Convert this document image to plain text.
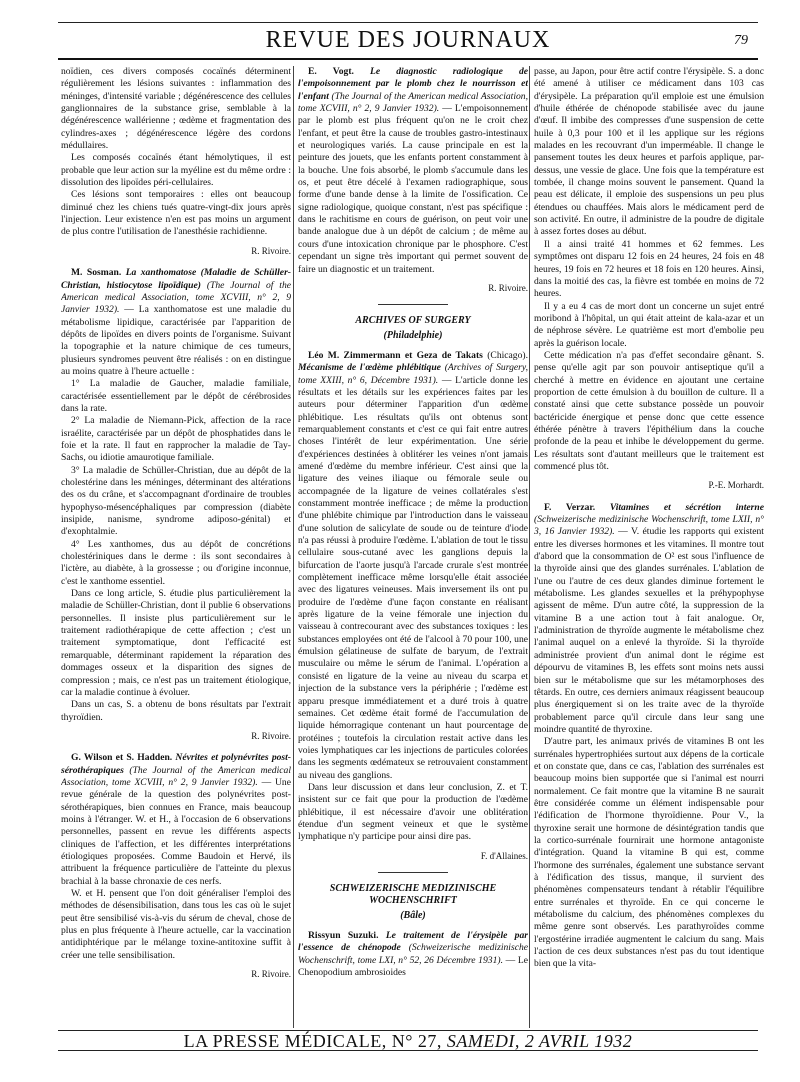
REVUE DES JOURNAUX	79

noïdien, ces divers composés cocaïnés déterminent régulièrement les lésions suivantes : inflammation des méninges, d'intensité variable ; dégénérescence des cellules ganglionnaires de la substance grise, semblable à la dégénérescence wallérienne ; œdème et fragmentation des cylindres-axes ; dégénérescence légère des cordons médullaires.

Les composés cocaïnés étant hémolytiques, il est probable que leur action sur la myéline est du même ordre : dissolution des lipoïdes péri-cellulaires.

Ces lésions sont temporaires : elles ont beaucoup diminué chez les chiens tués quatre-vingt-dix jours après l'injection. Leur existence n'en est pas moins un argument de plus contre l'utilisation de l'anesthésie rachidienne.

R. Rivoire.

M. Sosman. La xanthomatose (Maladie de Schüller-Christian, histiocytose lipoïdique) (The Journal of the American medical Association, tome XCVIII, n° 2, 9 Janvier 1932). — La xanthomatose est une maladie du métabolisme lipidique, caractérisée par l'apparition de dépôts de lipoïdes en divers points de l'organisme. Suivant la topographie et la nature chimique de ces tumeurs, plusieurs syndromes peuvent être réalisés : on en distingue au moins quatre à l'heure actuelle :

1° La maladie de Gaucher, maladie familiale, caractérisée essentiellement par le dépôt de cérébrosides dans la rate.

2° La maladie de Niemann-Pick, affection de la race israélite, caractérisée par un dépôt de phosphatides dans le foie et la rate. Il faut en rapprocher la maladie de Tay-Sachs, ou idiotie amaurotique familiale.

3° La maladie de Schüller-Christian, due au dépôt de la cholestérine dans les méninges, déterminant des altérations des os du crâne, et s'accompagnant d'ordinaire de troubles hypophyso-mésencéphaliques par compression (diabète insipide, nanisme, syndrome adiposo-génital) et d'exophtalmie.

4° Les xanthomes, dus au dépôt de concrétions cholestériniques dans le derme : ils sont secondaires à l'ictère, au diabète, à la grossesse ; ou d'origine inconnue, c'est le xanthome essentiel.

Dans ce long article, S. étudie plus particulièrement la maladie de Schüller-Christian, dont il publie 6 observations personnelles. Il insiste plus particulièrement sur le traitement radiothérapique de cette affection ; c'est un traitement symptomatique, dont l'efficacité est remarquable, déterminant rapidement la réparation des dommages osseux et la disparition des signes de compression ; mais, ce n'est pas un traitement étiologique, car la maladie continue à évoluer.

Dans un cas, S. a obtenu de bons résultats par l'extrait thyroïdien.

R. Rivoire.

G. Wilson et S. Hadden. Névrites et polynévrites post-sérothérapiques (The Journal of the American medical Association, tome XCVIII, n° 2, 9 Janvier 1932). — Une revue générale de la question des polynévrites post-sérothérapiques, bien connues en France, mais beaucoup moins à l'étranger. W. et H., à l'occasion de 6 observations personnelles, passent en revue les différents aspects cliniques de l'affection, et les différentes interprétations étiologiques proposées. Comme Baudoin et Hervé, ils attribuent la fréquence particulière de l'atteinte du plexus brachial à la basse chronaxie de ces nerfs.

W. et H. pensent que l'on doit généraliser l'emploi des méthodes de désensibilisation, dans tous les cas où le sujet peut être sensibilisé vis-à-vis du sérum de cheval, chose de plus en plus fréquente à l'heure actuelle, car la vaccination antidiphtérique par le mélange toxine-antitoxine suffit à créer une telle sensibilisation.

R. Rivoire.

E. Vogt. Le diagnostic radiologique de l'empoisonnement par le plomb chez le nourrisson et l'enfant (The Journal of the American medical Association, tome XCVIII, n° 2, 9 Janvier 1932). — L'empoisonnement par le plomb est plus fréquent qu'on ne le croit chez l'enfant, et peut être la cause de troubles gastro-intestinaux et neurologiques variés. La cause principale en est la peinture des jouets, que les enfants portent constamment à la bouche. Une fois absorbé, le plomb s'accumule dans les os, et peut être décelé à l'examen radiographique, sous forme d'une bande dense à la limite de l'ossification. Ce signe radiologique, quoique constant, n'est pas spécifique : dans le rachitisme en cours de guérison, on peut voir une bande analogue due à un dépôt de calcium ; de même au cours d'une intoxication chronique par le phosphore. C'est cependant un signe très important qui permet souvent de faire un diagnostic et un traitement.

R. Rivoire.
ARCHIVES OF SURGERY
(Philadelphie)

Léo M. Zimmermann et Geza de Takats (Chicago). Mécanisme de l'œdème phlébitique (Archives of Surgery, tome XXIII, n° 6, Décembre 1931). — L'article donne les résultats et les détails sur les expériences faites par les auteurs pour déterminer l'apparition d'un œdème phlébitique. Les résultats qu'ils ont obtenus sont remarquablement constants et c'est ce qui fait entre autres choses l'intérêt de leur expérimentation. Une série d'expériences destinées à oblitérer les veines n'ont jamais amené d'œdème du membre inférieur. C'est ainsi que la ligature des veines iliaque ou fémorale seule ou accompagnée de la ligature de veines collatérales s'est constamment montrée inefficace ; de même la production d'une phlébite chimique par l'introduction dans le vaisseau d'une solution de salicylate de soude ou de teinture d'iode n'a pas réussi à produire l'œdème. L'ablation de tout le tissu cellulaire sous-cutané avec les ganglions depuis la bifurcation de l'aorte jusqu'à l'arcade crurale s'est montrée complètement inefficace même lorsqu'elle était associée avec des ligatures veineuses. Mais inversement ils ont pu produire de l'œdème d'une façon constante en réalisant après ligature de la veine fémorale une injection du vaisseau à contrecourant avec des substances toxiques : les substances employées ont été de l'alcool à 70 pour 100, une émulsion gélatineuse de sulfate de baryum, de l'extrait musculaire ou même le sérum de l'animal. L'opération a consisté en ligature de la veine au niveau du scarpa et injection de la substance vers la périphérie ; l'œdème est apparu presque immédiatement et a duré trois à quatre semaines. Cet œdème était formé de l'accumulation de liquide hémorragique contenant un haut pourcentage de protéines ; toutefois la circulation restait active dans les voies lymphatiques car les injections de particules colorées dans les segments œdémateux se retrouvaient constamment au niveau des ganglions.

Dans leur discussion et dans leur conclusion, Z. et T. insistent sur ce fait que pour la production de l'œdème phlébitique, il est nécessaire d'avoir une oblitération étendue d'un segment veineux et que le système lymphatique n'y participe pour ainsi dire pas.

F. d'Allaines.
SCHWEIZERISCHE MEDIZINISCHE WOCHENSCHRIFT
(Bâle)

Rissyun Suzuki. Le traitement de l'érysipèle par l'essence de chénopode (Schweizerische medizinische Wochenschrift, tome LXI, n° 52, 26 Décembre 1931). — Le Chenopodium ambrosioides

passe, au Japon, pour être actif contre l'érysipèle. S. a donc été amené à utiliser ce médicament dans 103 cas d'érysipèle. La préparation qu'il emploie est une émulsion d'huile éthérée de chénopode stabilisée avec du jaune d'œuf. Il imbibe des compresses d'une suspension de cette huile à 0,3 pour 100 et il les applique sur les régions malades en les recouvrant d'un imperméable. Il change le pansement toutes les deux heures et parfois applique, par-dessus, une vessie de glace. Une fois que la température est tombée, il change moins souvent le pansement. Quand la peau est délicate, il emploie des suspensions un peu plus étendues ou chauffées. Mais alors le médicament perd de son activité. En outre, il administre de la poudre de digitale à assez fortes doses au début.

Il a ainsi traité 41 hommes et 62 femmes. Les symptômes ont disparu 12 fois en 24 heures, 24 fois en 48 heures, 19 fois en 72 heures et 18 fois en 120 heures. Ainsi, dans la moitié des cas, la fièvre est tombée en moins de 72 heures.

Il y a eu 4 cas de mort dont un concerne un sujet entré moribond à l'hôpital, un qui était atteint de kala-azar et un de néphrose sévère. Le quatrième est mort d'embolie peu après la guérison locale.

Cette médication n'a pas d'effet secondaire gênant. S. pense qu'elle agit par son pouvoir antiseptique qu'il a cherché à mettre en évidence en ajoutant une certaine proportion de cette émulsion à du bouillon de culture. Il a constaté ainsi que cette substance possède un pouvoir bactéricide énergique et pense donc que cette essence éthérée pénètre à travers l'épithélium dans la couche profonde de la peau et inhibe le développement du germe. Les résultats sont d'autant meilleurs que le traitement est commencé plus tôt.

P.-E. Morhardt.

F. Verzar. Vitamines et sécrétion interne (Schweizerische medizinische Wochenschrift, tome LXII, n° 3, 16 Janvier 1932). — V. étudie les rapports qui existent entre les diverses hormones et les vitamines. Il montre tout d'abord que la consommation de O² est sous l'influence de la thyroïde ainsi que des glandes surrénales. L'ablation de l'une ou l'autre de ces deux glandes diminue fortement le métabolisme. Les glandes sexuelles et la préhypophyse agissent de même. D'un autre côté, la suppression de la vitamine B a une action tout à fait analogue. Or, l'administration de thyroïde augmente le métabolisme chez l'animal auquel on a enlevé la thyroïde. Si la thyroïde administrée provient d'un animal dont le régime est dépourvu de vitamines B, les effets sont moins nets aussi bien sur le métabolisme que sur les métamorphoses des têtards. En outre, ces derniers animaux réagissent beaucoup plus énergiquement si on les traite avec de la thyroïde probablement parce qu'il circule dans leur sang une moindre quantité de thyroxine.

D'autre part, les animaux privés de vitamines B ont les surrénales hypertrophiées surtout aux dépens de la corticale et on constate que, dans ce cas, l'ablation des surrénales est beaucoup moins bien supportée que si l'animal est nourri normalement. Ce fait montre que la vitamine B ne saurait être considérée comme un élément indispensable pour l'édification de l'hormone thyroïdienne. Pour V., la thyroxine serait une hormone de désintégration tandis que la cortico-surrénale fournirait une hormone antagoniste d'intégration. Quand la vitamine B qui est, comme l'hormone des surrénales, également une substance servant à l'édification des tissus, manque, il survient des phénomènes compensateurs tendant à rétablir l'équilibre entre surrénales et thyroïde. En ce qui concerne le métabolisme du calcium, des phénomènes complexes du même genre sont observés. Les parathyroïdes comme l'ergostérine irradiée augmentent le calcium du sang. Mais l'action de ces deux substances n'est pas du tout identique bien que la vita-

LA PRESSE MÉDICALE, N° 27, SAMEDI, 2 AVRIL 1932
